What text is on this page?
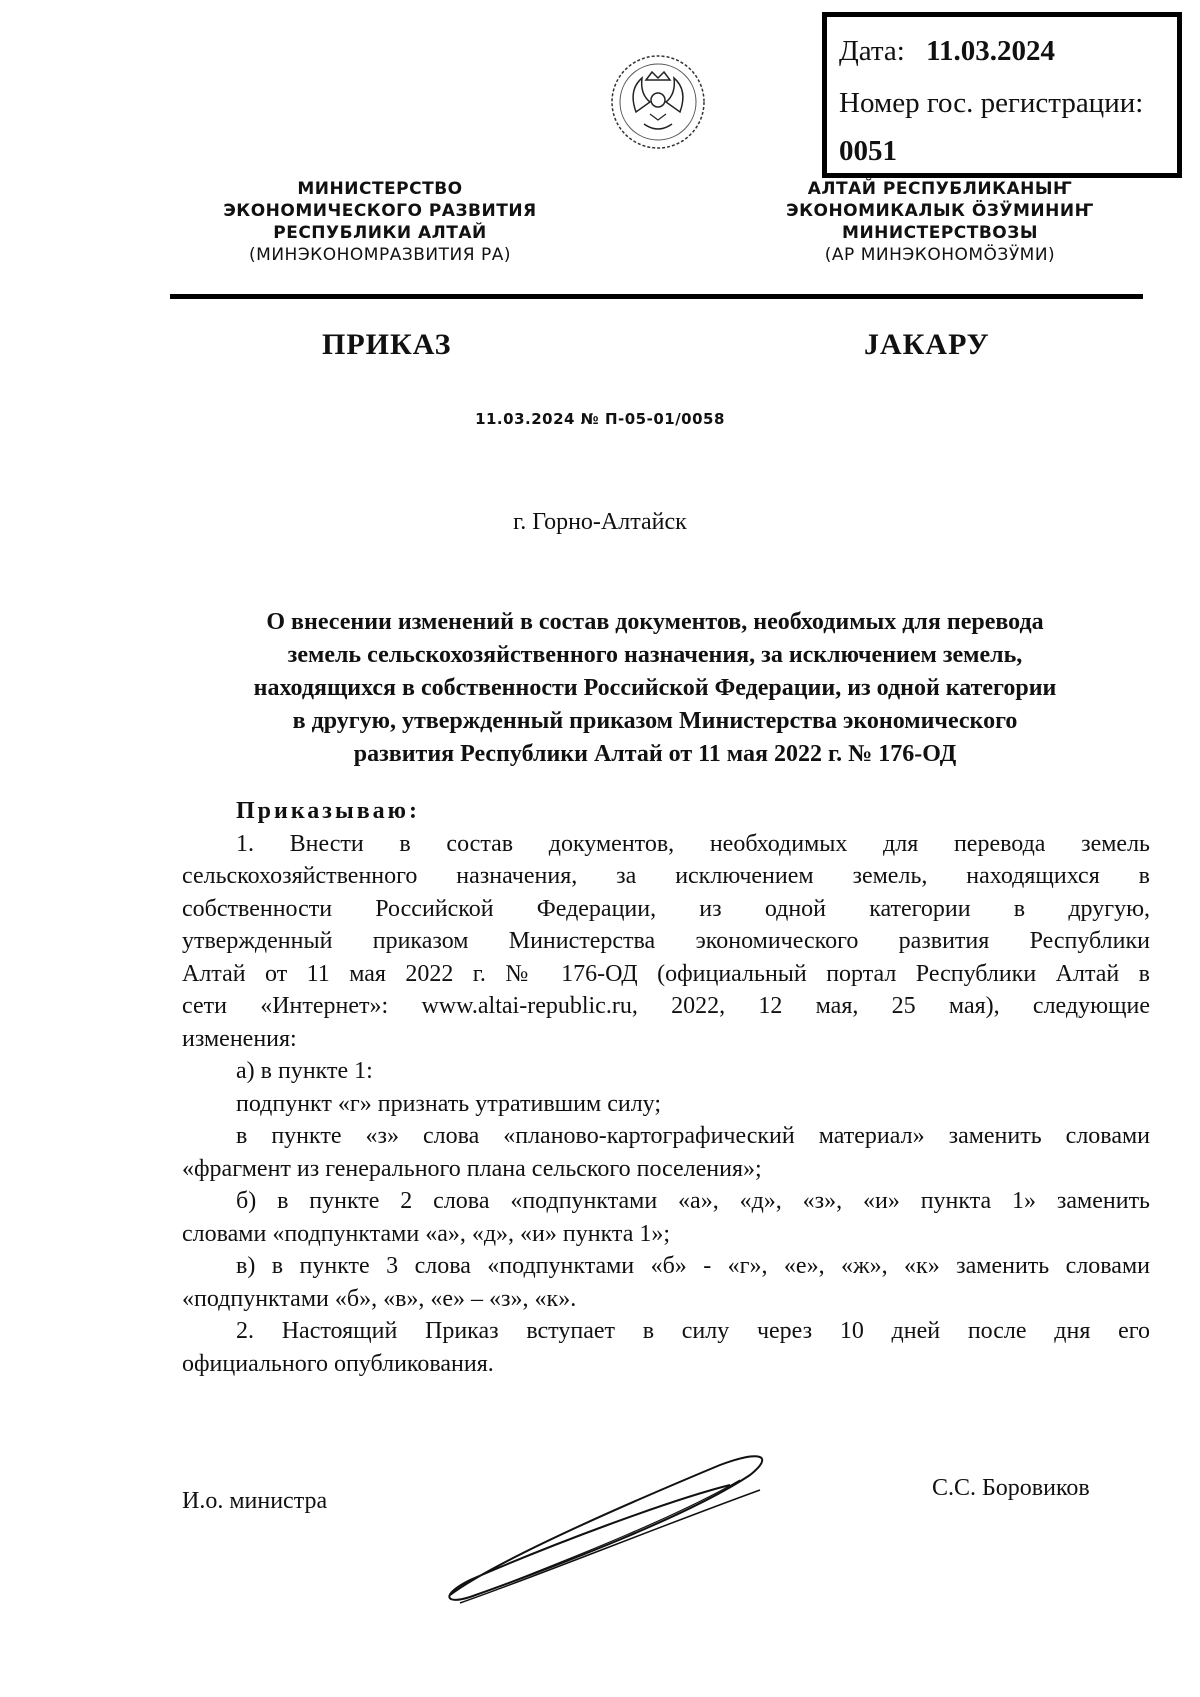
Дата: 11.03.2024
Номер гос. регистрации:
0051
МИНИСТЕРСТВО
ЭКОНОМИЧЕСКОГО РАЗВИТИЯ
РЕСПУБЛИКИ АЛТАЙ
(МИНЭКОНОМРАЗВИТИЯ РА)
АЛТАЙ РЕСПУБЛИКАНЫҤ
ЭКОНОМИКАЛЫК ӦЗӰМИНИҤ
МИНИСТЕРСТВОЗЫ
(АР МИНЭКОНОМӦЗӰМИ)
ПРИКАЗ	JАКАРУ
11.03.2024 № П-05-01/0058
г. Горно-Алтайск
О внесении изменений в состав документов, необходимых для перевода
земель сельскохозяйственного назначения, за исключением земель,
находящихся в собственности Российской Федерации, из одной категории
в другую, утвержденный приказом Министерства экономического
развития Республики Алтай от 11 мая 2022 г. № 176-ОД
Приказываю:
1. Внести в состав документов, необходимых для перевода земель
сельскохозяйственного назначения, за исключением земель, находящихся в
собственности Российской Федерации, из одной категории в другую,
утвержденный приказом Министерства экономического развития Республики
Алтай от 11 мая 2022 г. № 176-ОД (официальный портал Республики Алтай в
сети «Интернет»: www.altai-republic.ru, 2022, 12 мая, 25 мая), следующие
изменения:
а) в пункте 1:
подпункт «г» признать утратившим силу;
в пункте «з» слова «планово-картографический материал» заменить словами
«фрагмент из генерального плана сельского поселения»;
б) в пункте 2 слова «подпунктами «а», «д», «з», «и» пункта 1» заменить
словами «подпунктами «а», «д», «и» пункта 1»;
в) в пункте 3 слова «подпунктами «б» - «г», «е», «ж», «к» заменить словами
«подпунктами «б», «в», «е» – «з», «к».
2. Настоящий Приказ вступает в силу через 10 дней после дня его
официального опубликования.
И.о. министра	С.С. Боровиков
